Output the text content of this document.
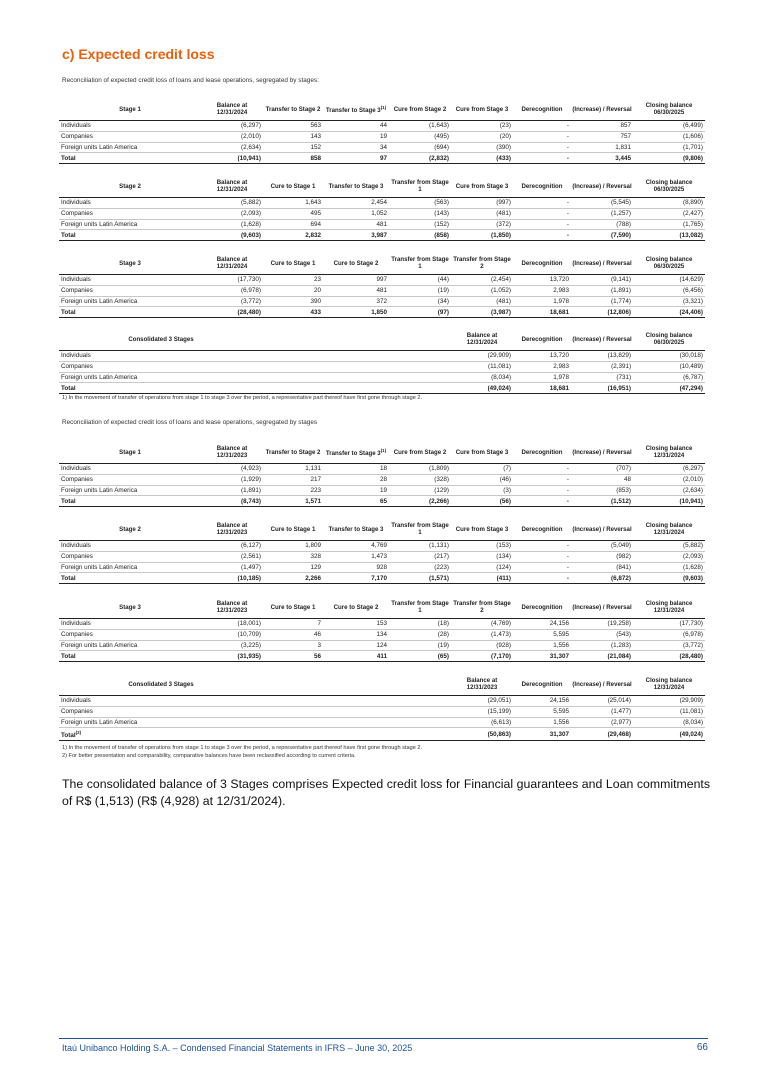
c) Expected credit loss
Reconciliation of expected credit loss of loans and lease operations, segregated by stages:
Stage 1	Balance at 12/31/2024	Transfer to Stage 2	Transfer to Stage 3$^{(1)}$	Cure from Stage 2	Cure from Stage 3	Derecognition	(Increase) / Reversal	Closing balance 06/30/2025
Individuals	(6,297)	563	44	(1,643)	(23)	-	857	(6,499)
Companies	(2,010)	143	19	(495)	(20)	-	757	(1,606)
Foreign units Latin America	(2,634)	152	34	(694)	(390)	-	1,831	(1,701)
Total	(10,941)	858	97	(2,832)	(433)	-	3,445	(9,806)
Stage 2	Balance at 12/31/2024	Cure to Stage 1	Transfer to Stage 3	Transfer from Stage 1	Cure from Stage 3	Derecognition	(Increase) / Reversal	Closing balance 06/30/2025
Individuals	(5,882)	1,643	2,454	(563)	(997)	-	(5,545)	(8,890)
Companies	(2,093)	495	1,052	(143)	(481)	-	(1,257)	(2,427)
Foreign units Latin America	(1,628)	694	481	(152)	(372)	-	(788)	(1,765)
Total	(9,603)	2,832	3,987	(858)	(1,850)	-	(7,590)	(13,082)
Stage 3	Balance at 12/31/2024	Cure to Stage 1	Cure to Stage 2	Transfer from Stage 1	Transfer from Stage 2	Derecognition	(Increase) / Reversal	Closing balance 06/30/2025
Individuals	(17,730)	23	997	(44)	(2,454)	13,720	(9,141)	(14,629)
Companies	(6,978)	20	481	(19)	(1,052)	2,983	(1,891)	(6,456)
Foreign units Latin America	(3,772)	390	372	(34)	(481)	1,978	(1,774)	(3,321)
Total	(28,480)	433	1,850	(97)	(3,987)	18,681	(12,806)	(24,406)
Consolidated 3 Stages		Balance at 12/31/2024	Derecognition	(Increase) / Reversal	Closing balance 06/30/2025
Individuals		(29,909)	13,720	(13,829)	(30,018)
Companies		(11,081)	2,983	(2,391)	(10,489)
Foreign units Latin America		(8,034)	1,978	(731)	(6,787)
Total		(49,024)	18,681	(16,951)	(47,294)
Stage 1	Balance at 12/31/2023	Transfer to Stage 2	Transfer to Stage 3$^{(1)}$	Cure from Stage 2	Cure from Stage 3	Derecognition	(Increase) / Reversal	Closing balance 12/31/2024
Individuals	(4,923)	1,131	18	(1,809)	(7)	-	(707)	(6,297)
Companies	(1,929)	217	28	(328)	(46)	-	48	(2,010)
Foreign units Latin America	(1,891)	223	19	(129)	(3)	-	(853)	(2,634)
Total	(8,743)	1,571	65	(2,266)	(56)	-	(1,512)	(10,941)
Stage 2	Balance at 12/31/2023	Cure to Stage 1	Transfer to Stage 3	Transfer from Stage 1	Cure from Stage 3	Derecognition	(Increase) / Reversal	Closing balance 12/31/2024
Individuals	(6,127)	1,809	4,769	(1,131)	(153)	-	(5,049)	(5,882)
Companies	(2,561)	328	1,473	(217)	(134)	-	(982)	(2,093)
Foreign units Latin America	(1,497)	129	928	(223)	(124)	-	(841)	(1,628)
Total	(10,185)	2,266	7,170	(1,571)	(411)	-	(6,872)	(9,603)
Stage 3	Balance at 12/31/2023	Cure to Stage 1	Cure to Stage 2	Transfer from Stage 1	Transfer from Stage 2	Derecognition	(Increase) / Reversal	Closing balance 12/31/2024
Individuals	(18,001)	7	153	(18)	(4,769)	24,156	(19,258)	(17,730)
Companies	(10,709)	46	134	(28)	(1,473)	5,595	(543)	(6,978)
Foreign units Latin America	(3,225)	3	124	(19)	(928)	1,556	(1,283)	(3,772)
Total	(31,935)	56	411	(65)	(7,170)	31,307	(21,084)	(28,480)
Consolidated 3 Stages		Balance at 12/31/2023	Derecognition	(Increase) / Reversal	Closing balance 12/31/2024
Individuals		(29,051)	24,156	(25,014)	(29,909)
Companies		(15,199)	5,595	(1,477)	(11,081)
Foreign units Latin America		(6,613)	1,556	(2,977)	(8,034)
Total$^{(2)}$		(50,863)	31,307	(29,468)	(49,024)
1) In the movement of transfer of operations from stage 1 to stage 3 over the period, a representative part thereof have first gone through stage 2.
Reconciliation of expected credit loss of loans and lease operations, segregated by stages
1) In the movement of transfer of operations from stage 1 to stage 3 over the period, a representative part thereof have first gone through stage 2.
2) For better presentation and comparability, comparative balances have been reclassified according to current criteria.
The consolidated balance of 3 Stages comprises Expected credit loss for Financial guarantees and Loan commitments of R$ (1,513) (R$ (4,928) at 12/31/2024).
Itaú Unibanco Holding S.A. – Condensed Financial Statements in IFRS – June 30, 2025	66
